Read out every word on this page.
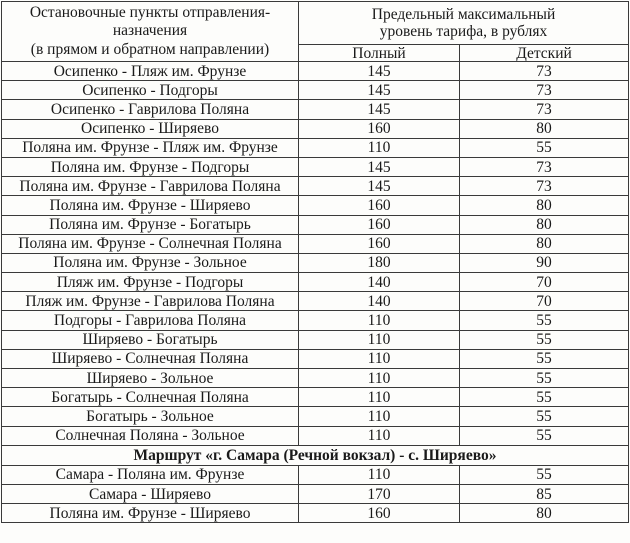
Остановочные пункты отправления-
назначения
(в прямом и обратном направлении)	Предельный максимальный
уровень тарифа, в рублях	
	Полный	Детский
Осипенко - Пляж им. Фрунзе	145	73
Осипенко - Подгоры	145	73
Осипенко - Гаврилова Поляна	145	73
Осипенко - Ширяево	160	80
Поляна им. Фрунзе - Пляж им. Фрунзе	110	55
Поляна им. Фрунзе - Подгоры	145	73
Поляна им. Фрунзе - Гаврилова Поляна	145	73
Поляна им. Фрунзе - Ширяево	160	80
Поляна им. Фрунзе - Богатырь	160	80
Поляна им. Фрунзе - Солнечная Поляна	160	80
Поляна им. Фрунзе - Зольное	180	90
Пляж им. Фрунзе - Подгоры	140	70
Пляж им. Фрунзе - Гаврилова Поляна	140	70
Подгоры - Гаврилова Поляна	110	55
Ширяево - Богатырь	110	55
Ширяево - Солнечная Поляна	110	55
Ширяево - Зольное	110	55
Богатырь - Солнечная Поляна	110	55
Богатырь - Зольное	110	55
Солнечная Поляна - Зольное	110	55
Маршрут «г. Самара (Речной вокзал) - с. Ширяево»		
Самара - Поляна им. Фрунзе	110	55
Самара - Ширяево	170	85
Поляна им. Фрунзе - Ширяево	160	80
